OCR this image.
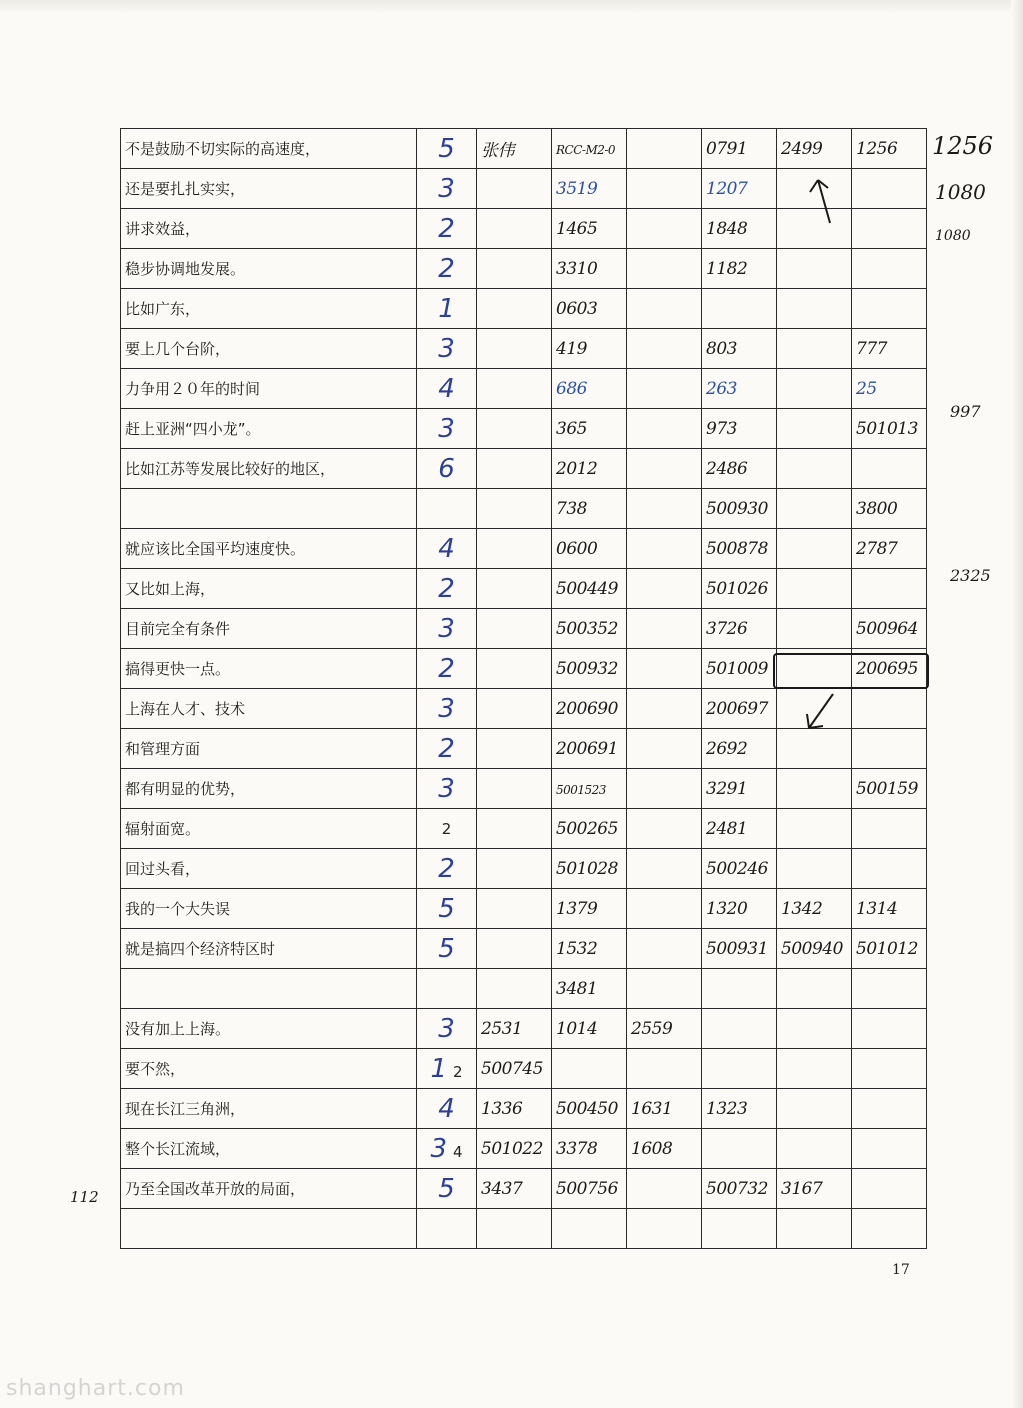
不是鼓励不切实际的高速度，	5	张伟	RCC-M2-0		0791	2499	1256
还是要扎扎实实，	3		3519		1207		
讲求效益，	2		1465		1848		
稳步协调地发展。	2		3310		1182		
比如广东，	1		0603				
要上几个台阶，	3		419		803		777
力争用２０年的时间	4		686		263		25
赶上亚洲“四小龙”。	3		365		973		501013
比如江苏等发展比较好的地区，	6		2012		2486		
			738		500930		3800
就应该比全国平均速度快。	4		0600		500878		2787
又比如上海，	2		500449		501026		
目前完全有条件	3		500352		3726		500964
搞得更快一点。	2		500932		501009		200695
上海在人才、技术	3		200690		200697		
和管理方面	2		200691		2692		
都有明显的优势，	3		5001523		3291		500159
辐射面宽。	2		500265		2481		
回过头看，	2		501028		500246		
我的一个大失误	5		1379		1320	1342	1314
就是搞四个经济特区时	5		1532		500931	500940	501012
			3481				
没有加上上海。	3	2531	1014	2559			
要不然，	1 2	500745					
现在长江三角洲，	4	1336	500450	1631	1323		
整个长江流域，	3 4	501022	3378	1608			
乃至全国改革开放的局面，	5	3437	500756		500732	3167	

112
1256
1080
1080
997
2325
17
shanghart.com
